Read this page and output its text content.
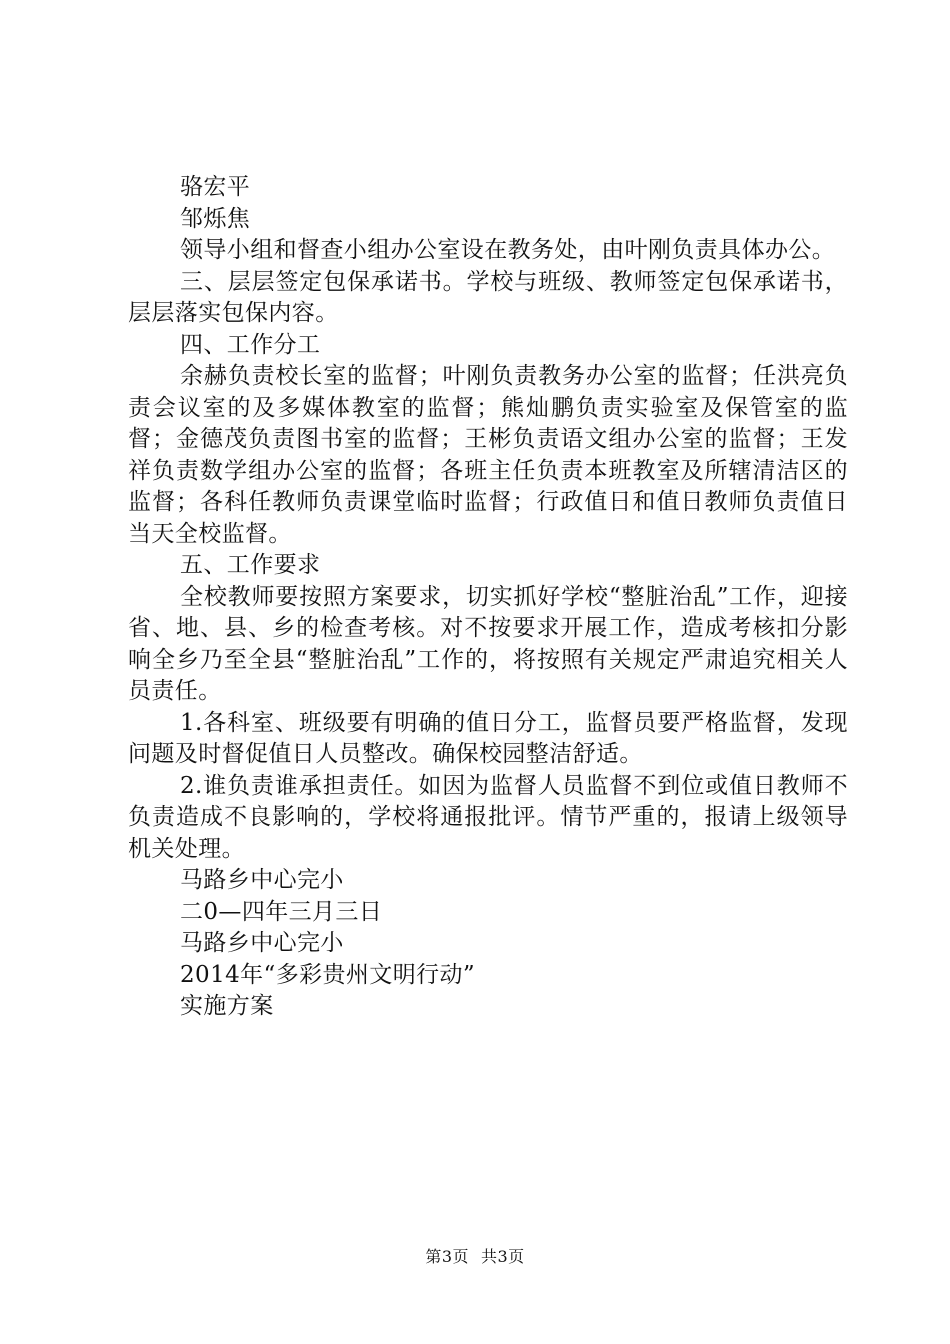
骆宏平

邹烁焦

领导小组和督查小组办公室设在教务处，由叶刚负责具体办公。

三、层层签定包保承诺书。学校与班级、教师签定包保承诺书，层层落实包保内容。

四、工作分工

余赫负责校长室的监督；叶刚负责教务办公室的监督；任洪亮负责会议室的及多媒体教室的监督；熊灿鹏负责实验室及保管室的监督；金德茂负责图书室的监督；王彬负责语文组办公室的监督；王发祥负责数学组办公室的监督；各班主任负责本班教室及所辖清洁区的监督；各科任教师负责课堂临时监督；行政值日和值日教师负责值日当天全校监督。

五、工作要求

全校教师要按照方案要求，切实抓好学校“整脏治乱”工作，迎接省、地、县、乡的检查考核。对不按要求开展工作，造成考核扣分影响全乡乃至全县“整脏治乱”工作的，将按照有关规定严肃追究相关人员责任。

1.各科室、班级要有明确的值日分工，监督员要严格监督，发现问题及时督促值日人员整改。确保校园整洁舒适。

2.谁负责谁承担责任。如因为监督人员监督不到位或值日教师不负责造成不良影响的，学校将通报批评。情节严重的，报请上级领导机关处理。

马路乡中心完小

二0—四年三月三日

马路乡中心完小

2014年“多彩贵州文明行动”

实施方案

第3页 共3页
